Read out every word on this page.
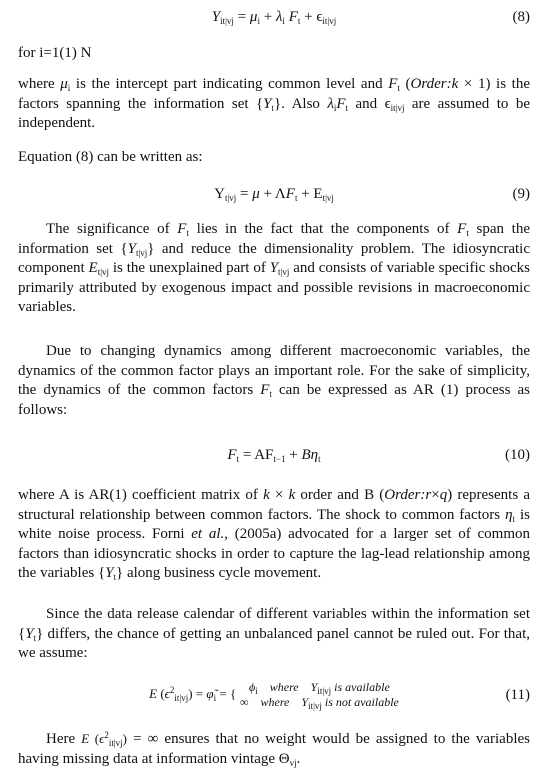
$Y_{it|vj} = \mu_i + \lambda_i$ $F_t + \epsilon_{it|vj}$	(8)
for i=1(1) N
where $\mu_i$ is the intercept part indicating common level and $F_t$ (Order:k × 1) is the factors spanning the information set $\{Y_t\}$. Also $\lambda_iF_t$ and $\epsilon_{it|vj}$ are assumed to be independent.
Equation (8) can be written as:
$Y_{t|vj} = \mu + \Lambda F_t + E_{t|vj}$	(9)
The significance of $F_t$ lies in the fact that the components of $F_t$ span the information set $\{Y_{t|vj}\}$ and reduce the dimensionality problem. The idiosyncratic component $E_{t|vj}$ is the unexplained part of $Y_{t|vj}$ and consists of variable specific shocks primarily attributed by exogenous impact and possible revisions in macroeconomic variables.
Due to changing dynamics among different macroeconomic variables, the dynamics of the common factor plays an important role. For the sake of simplicity, the dynamics of the common factors $F_t$ can be expressed as AR (1) process as follows:
$F_t = AF_{t-1} + B\eta_t$	(10)
where A is AR(1) coefficient matrix of k × k order and B (Order:r×q) represents a structural relationship between common factors. The shock to common factors $\eta_t$ is white noise process. Forni et al., (2005a) advocated for a larger set of common factors than idiosyncratic shocks in order to capture the lag-lead relationship among the variables $\{Y_t\}$ along business cycle movement.
Since the data release calendar of different variables within the information set $\{Y_t\}$ differs, the chance of getting an unbalanced panel cannot be ruled out. For that, we assume:
E $(\epsilon^2_{it|vj})$ = $\varphĩ_i$ = { $\phi_i$ where $Y_{it|vj}$ is available
∞ where $Y_{it|vj}$ is not available	(11)
Here E $(\epsilon^2_{it|vj})$ = ∞ ensures that no weight would be assigned to the variables having missing data at information vintage $\Theta_{vj}$.
